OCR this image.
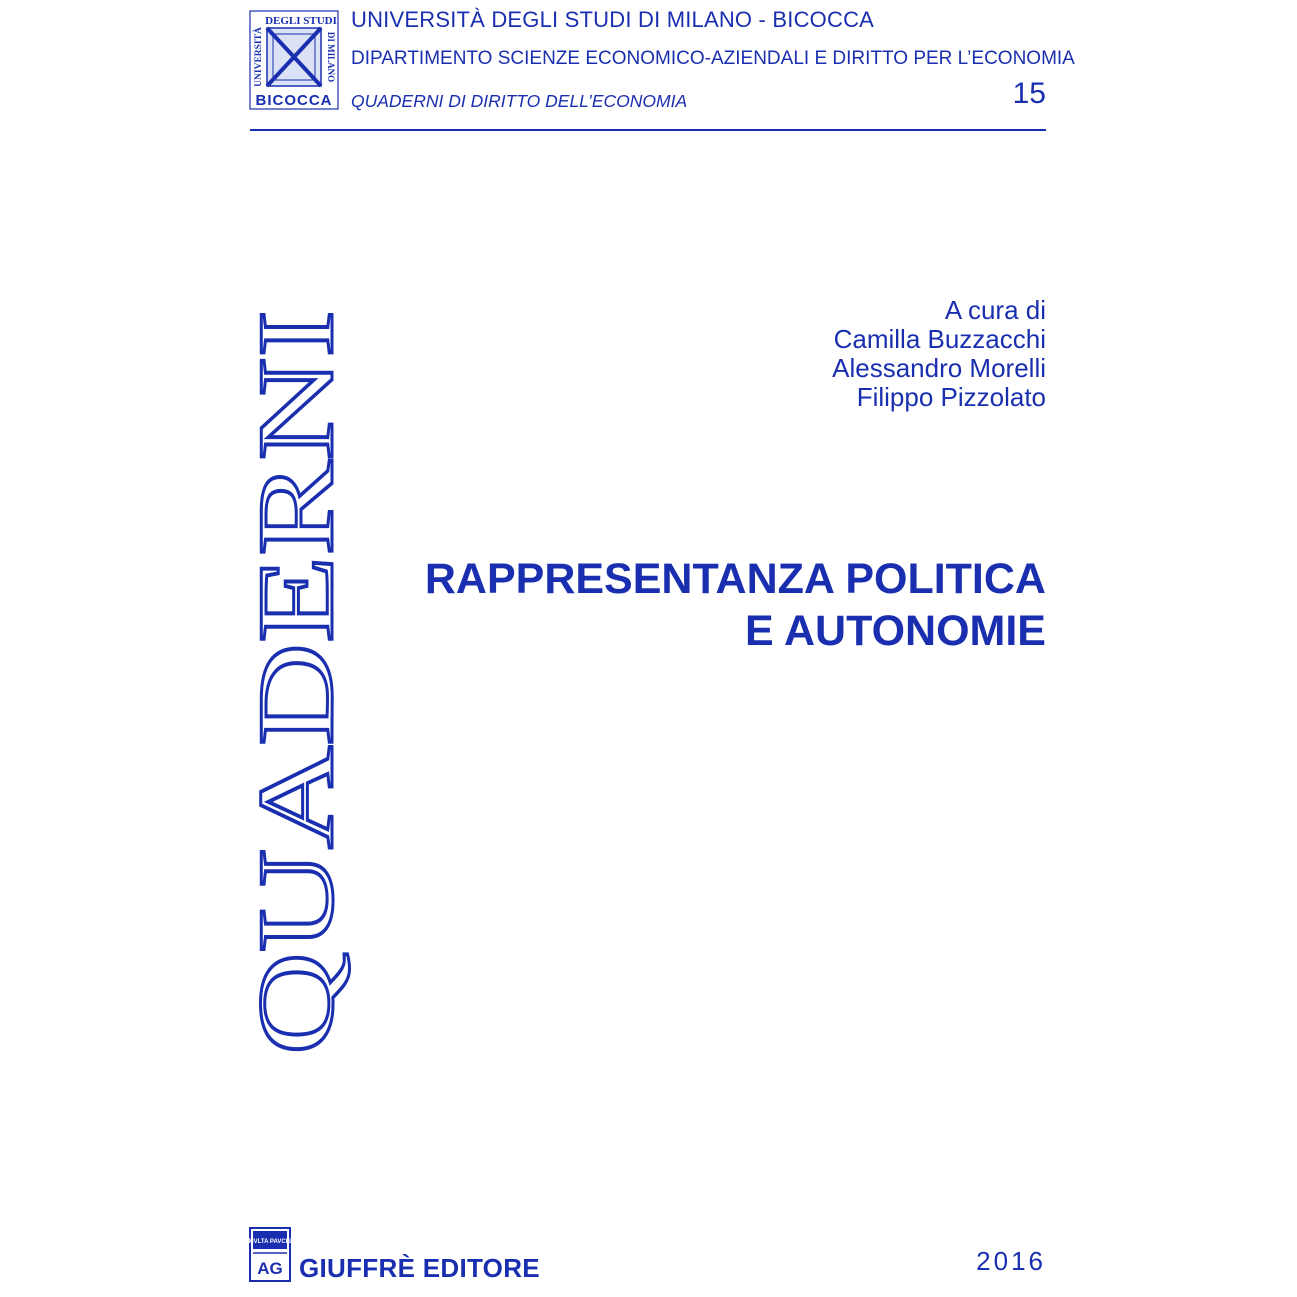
DEGLI STUDI
UNIVERSITÀ	DI MILANO
BICOCCA
UNIVERSITÀ DEGLI STUDI DI MILANO - BICOCCA
DIPARTIMENTO SCIENZE ECONOMICO-AZIENDALI E DIRITTO PER L’ECONOMIA
QUADERNI DI DIRITTO DELL’ECONOMIA	15
QUADERNI
A cura di
Camilla Buzzacchi
Alessandro Morelli
Filippo Pizzolato
RAPPRESENTANZA POLITICA
E AUTONOMIE
MVLTA PAVCIS
AG GIUFFRÈ EDITORE	2016
